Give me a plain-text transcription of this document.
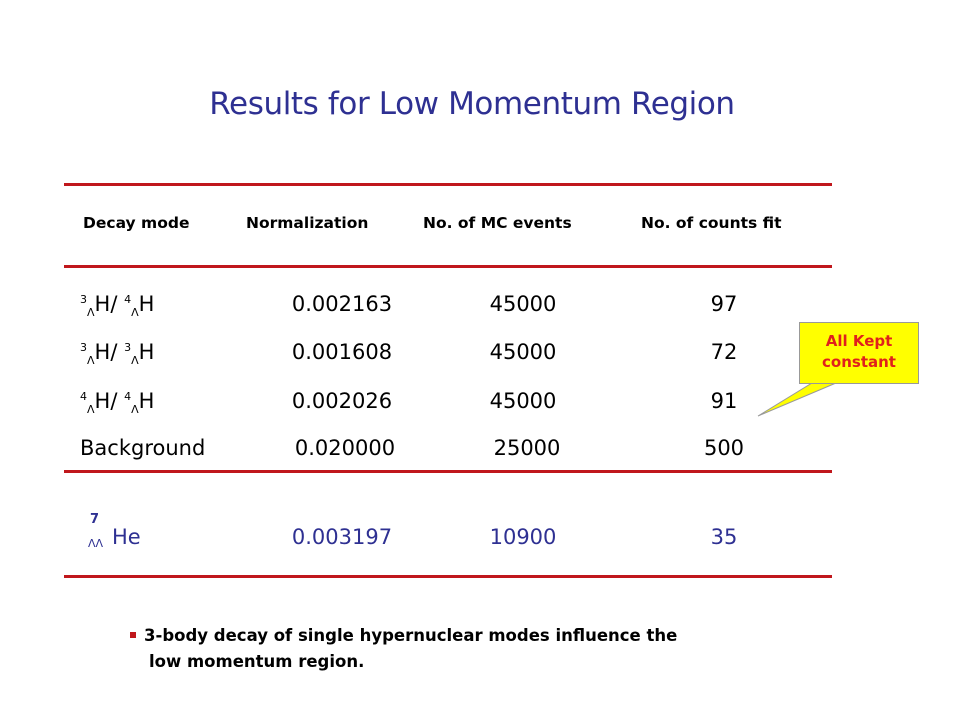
Results for Low Momentum Region
Decay mode	Normalization	No. of MC events	No. of counts fit
$^3_\Lambda$H/ $^4_\Lambda$H	0.002163	45000	97
$^3_\Lambda$H/ $^3_\Lambda$H	0.001608	45000	72
$^4_\Lambda$H/ $^4_\Lambda$H	0.002026	45000	91
Background	0.020000	25000	500
7
ΛΛ He	0.003197	10900	35
All Kept
constant
3-body decay of single hypernuclear modes influence the
low momentum region.
